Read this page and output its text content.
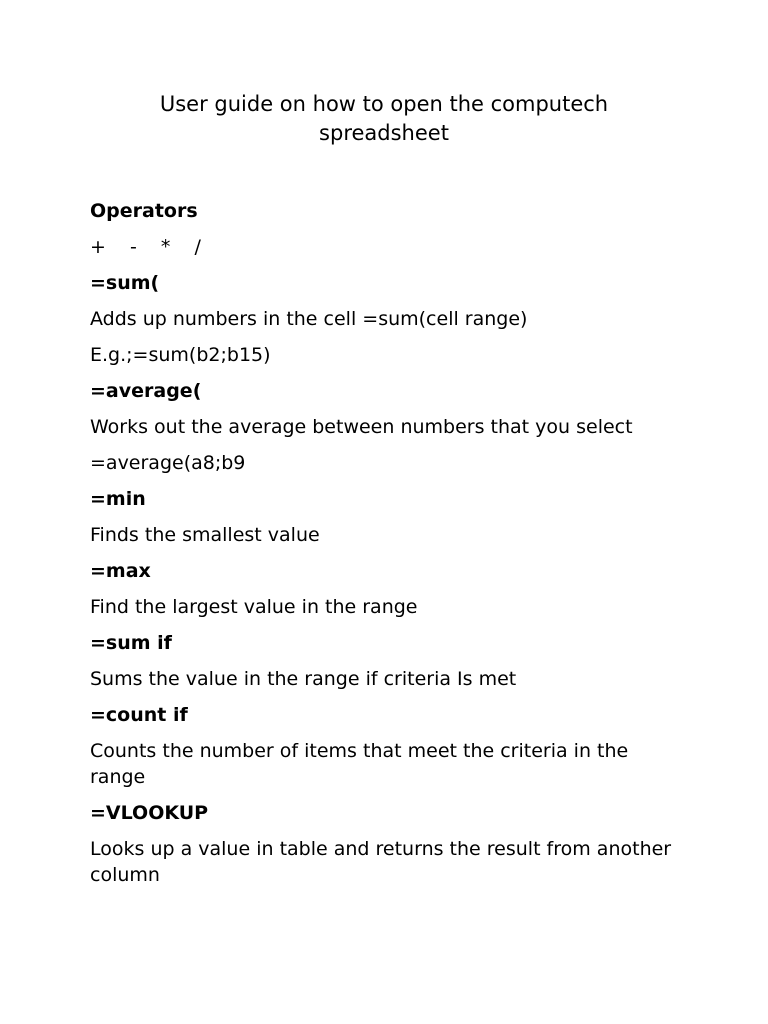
User guide on how to open the computech
spreadsheet
Operators
+  -  *  /
=sum(
Adds up numbers in the cell =sum(cell range)
E.g.;=sum(b2;b15)
=average(
Works out the average between numbers that you select
=average(a8;b9
=min
Finds the smallest value
=max
Find the largest value in the range
=sum if
Sums the value in the range if criteria Is met
=count if
Counts the number of items that meet the criteria in the range
=VLOOKUP
Looks up a value in table and returns the result from another column
